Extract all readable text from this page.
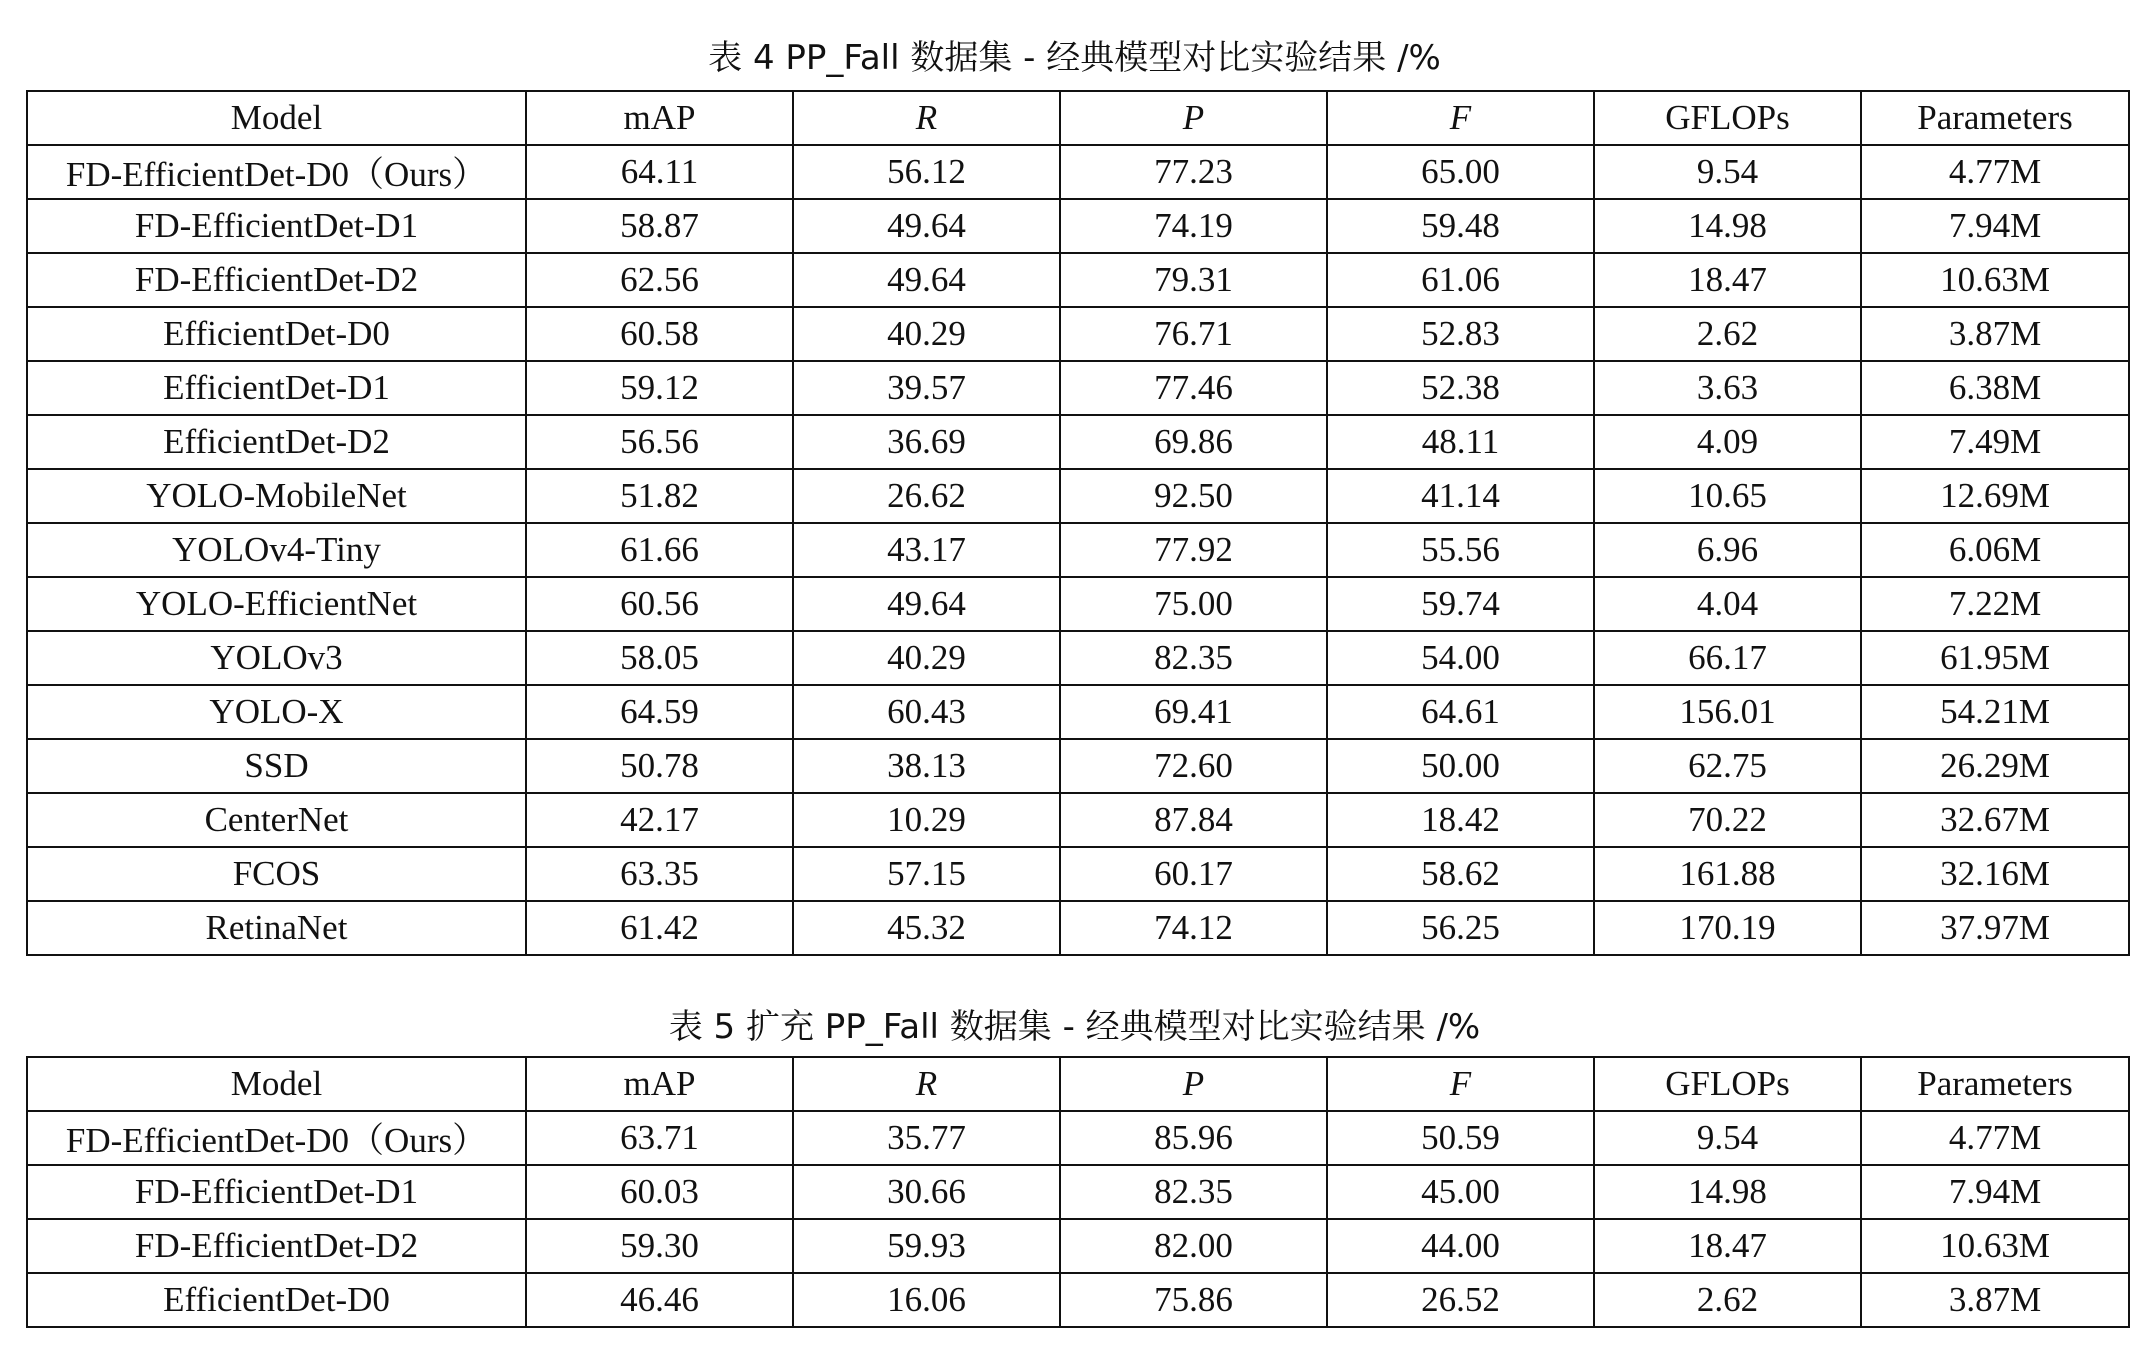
表 4 PP_Fall 数据集 - 经典模型对比实验结果 /%
Model	mAP	R	P	F	GFLOPs	Parameters
FD-EfficientDet-D0（Ours）	64.11	56.12	77.23	65.00	9.54	4.77M
FD-EfficientDet-D1	58.87	49.64	74.19	59.48	14.98	7.94M
FD-EfficientDet-D2	62.56	49.64	79.31	61.06	18.47	10.63M
EfficientDet-D0	60.58	40.29	76.71	52.83	2.62	3.87M
EfficientDet-D1	59.12	39.57	77.46	52.38	3.63	6.38M
EfficientDet-D2	56.56	36.69	69.86	48.11	4.09	7.49M
YOLO-MobileNet	51.82	26.62	92.50	41.14	10.65	12.69M
YOLOv4-Tiny	61.66	43.17	77.92	55.56	6.96	6.06M
YOLO-EfficientNet	60.56	49.64	75.00	59.74	4.04	7.22M
YOLOv3	58.05	40.29	82.35	54.00	66.17	61.95M
YOLO-X	64.59	60.43	69.41	64.61	156.01	54.21M
SSD	50.78	38.13	72.60	50.00	62.75	26.29M
CenterNet	42.17	10.29	87.84	18.42	70.22	32.67M
FCOS	63.35	57.15	60.17	58.62	161.88	32.16M
RetinaNet	61.42	45.32	74.12	56.25	170.19	37.97M
表 5 扩充 PP_Fall 数据集 - 经典模型对比实验结果 /%
Model	mAP	R	P	F	GFLOPs	Parameters
FD-EfficientDet-D0（Ours）	63.71	35.77	85.96	50.59	9.54	4.77M
FD-EfficientDet-D1	60.03	30.66	82.35	45.00	14.98	7.94M
FD-EfficientDet-D2	59.30	59.93	82.00	44.00	18.47	10.63M
EfficientDet-D0	46.46	16.06	75.86	26.52	2.62	3.87M
